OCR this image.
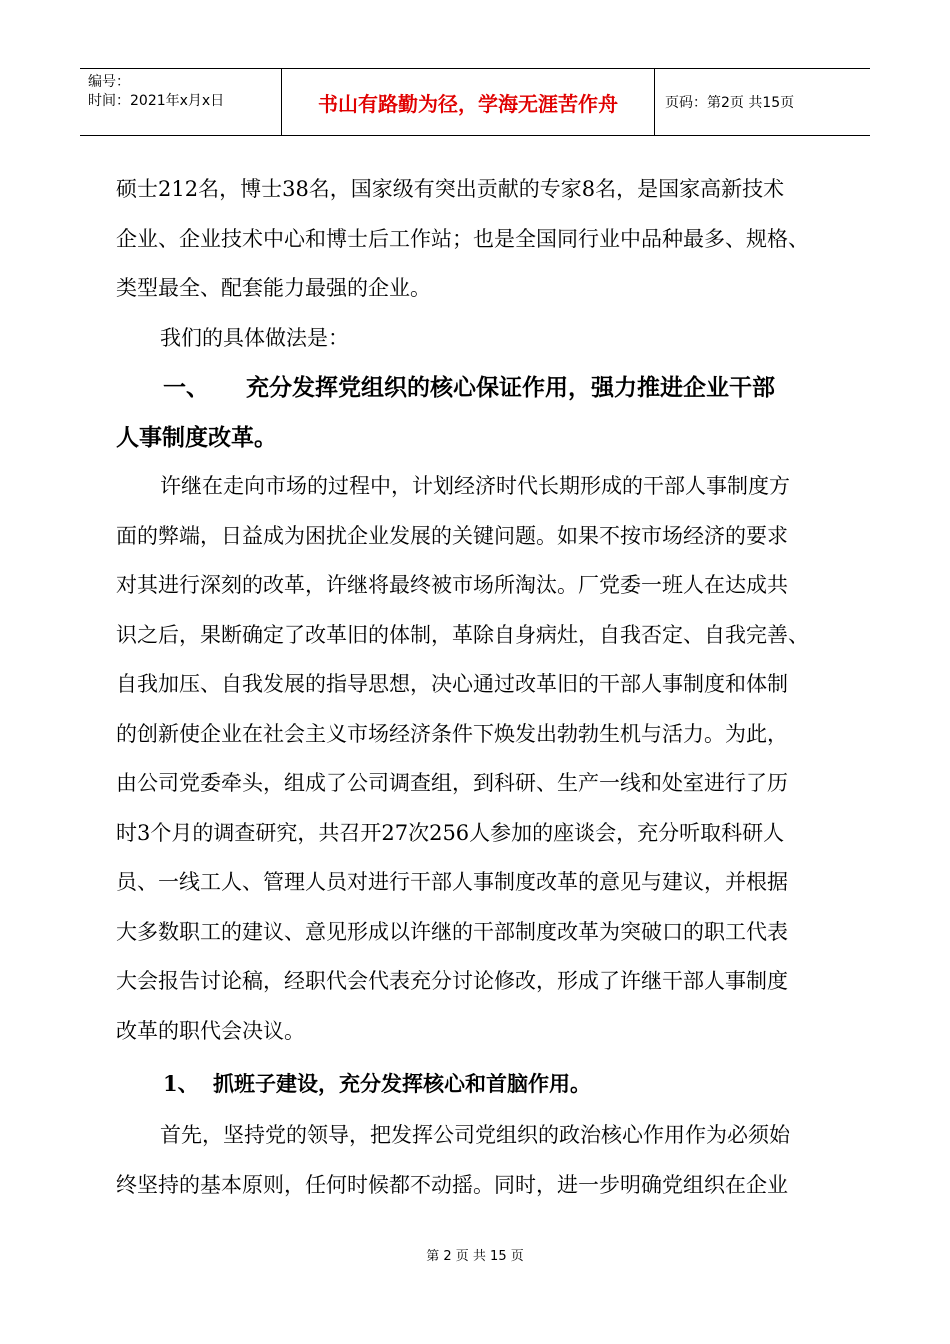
编号：
时间：2021年x月x日	书山有路勤为径，学海无涯苦作舟	页码：第2页 共15页

硕士212名，博士38名，国家级有突出贡献的专家8名，是国家高新技术

企业、企业技术中心和博士后工作站；也是全国同行业中品种最多、规格、

类型最全、配套能力最强的企业。

我们的具体做法是：

一、 充分发挥党组织的核心保证作用，强力推进企业干部

人事制度改革。

许继在走向市场的过程中，计划经济时代长期形成的干部人事制度方

面的弊端，日益成为困扰企业发展的关键问题。如果不按市场经济的要求

对其进行深刻的改革，许继将最终被市场所淘汰。厂党委一班人在达成共

识之后，果断确定了改革旧的体制，革除自身病灶，自我否定、自我完善、

自我加压、自我发展的指导思想，决心通过改革旧的干部人事制度和体制

的创新使企业在社会主义市场经济条件下焕发出勃勃生机与活力。为此，

由公司党委牵头，组成了公司调查组，到科研、生产一线和处室进行了历

时3个月的调查研究，共召开27次256人参加的座谈会，充分听取科研人

员、一线工人、管理人员对进行干部人事制度改革的意见与建议，并根据

大多数职工的建议、意见形成以许继的干部制度改革为突破口的职工代表

大会报告讨论稿，经职代会代表充分讨论修改，形成了许继干部人事制度

改革的职代会决议。

1、 抓班子建设，充分发挥核心和首脑作用。

首先，坚持党的领导，把发挥公司党组织的政治核心作用作为必须始

终坚持的基本原则，任何时候都不动摇。同时，进一步明确党组织在企业

第 2 页 共 15 页
